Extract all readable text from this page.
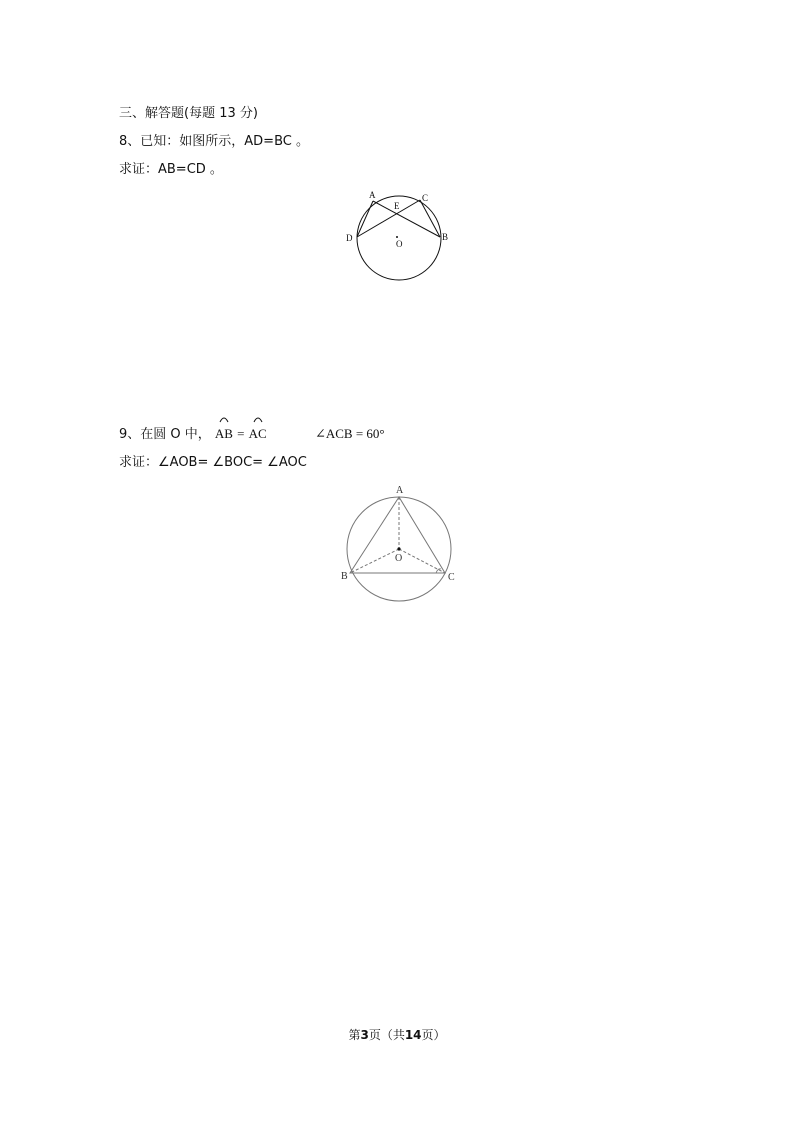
三、解答题(每题 13 分)
8、已知：如图所示，AD=BC 。
求证：AB=CD 。
A	C
E
D	B
O
9、在圆 O 中， AB = AC	∠ACB = 60°
求证：∠AOB= ∠BOC= ∠AOC
A
B	C
O
第3页（共14页）
